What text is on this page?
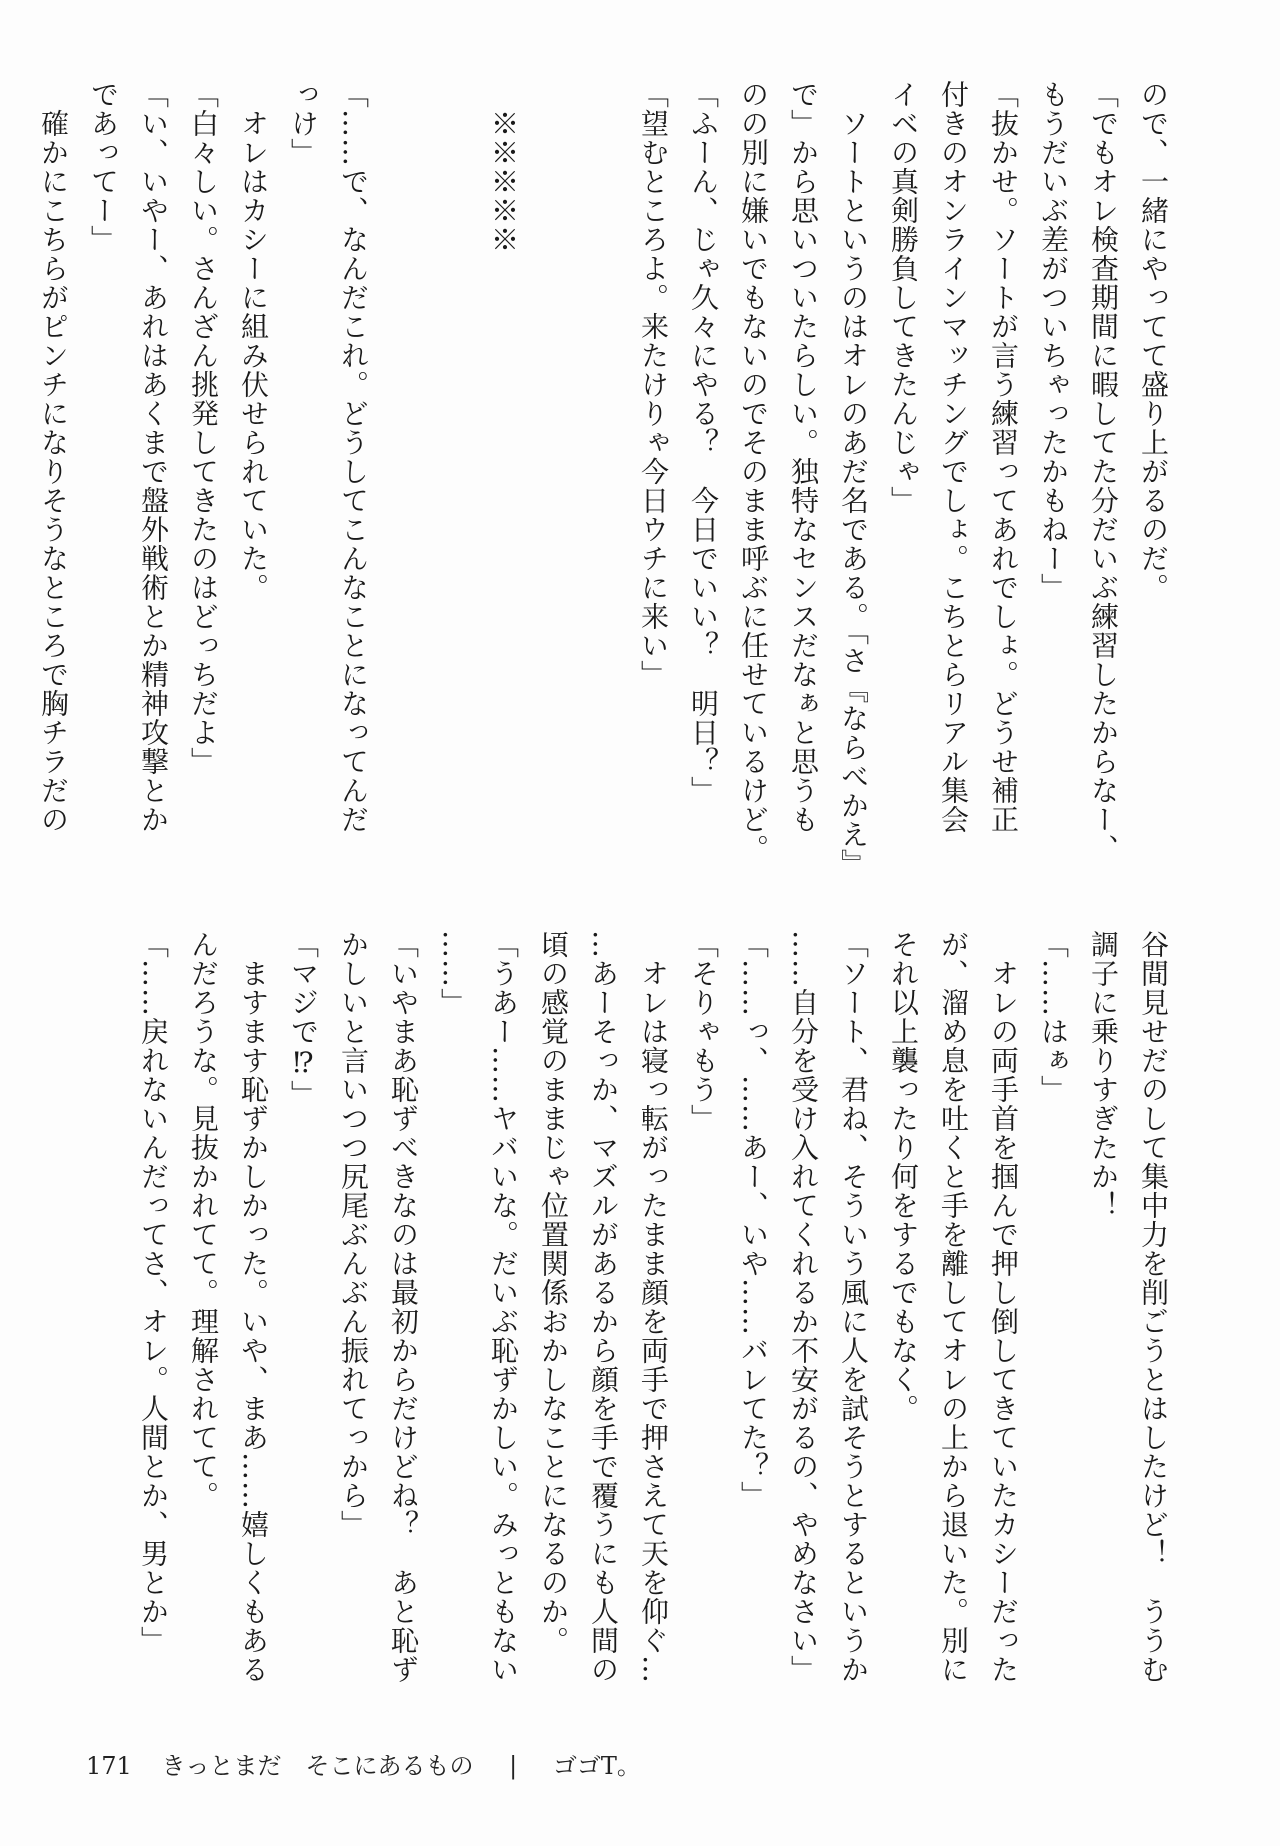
ので、一緒にやってて盛り上がるのだ。
「でもオレ検査期間に暇してた分だいぶ練習したからなー、
もうだいぶ差がついちゃったかもねー」
「抜かせ。ソートが言う練習ってあれでしょ。どうせ補正
付きのオンラインマッチングでしょ。こちとらリアル集会
イベの真剣勝負してきたんじゃ」
　ソートというのはオレのあだ名である。「さ『ならべかえ』
で」から思いついたらしい。独特なセンスだなぁと思うも
のの別に嫌いでもないのでそのまま呼ぶに任せているけど。
「ふーん、じゃ久々にやる？　今日でいい？　明日？」
「望むところよ。来たけりゃ今日ウチに来い」

　※※※※※

「……で、なんだこれ。どうしてこんなことになってんだ
っけ」
　オレはカシーに組み伏せられていた。
「白々しい。さんざん挑発してきたのはどっちだよ」
「い、いやー、あれはあくまで盤外戦術とか精神攻撃とか
であってー」
　確かにこちらがピンチになりそうなところで胸チラだの
谷間見せだのして集中力を削ごうとはしたけど！　ううむ
調子に乗りすぎたか！
「……はぁ」
　オレの両手首を掴んで押し倒してきていたカシーだった
が、溜め息を吐くと手を離してオレの上から退いた。別に
それ以上襲ったり何をするでもなく。
「ソート、君ね、そういう風に人を試そうとするというか
……自分を受け入れてくれるか不安がるの、やめなさい」
「……っ、……あー、いや……バレてた？」
「そりゃもう」
　オレは寝っ転がったまま顔を両手で押さえて天を仰ぐ…
…あーそっか、マズルがあるから顔を手で覆うにも人間の
頃の感覚のままじゃ位置関係おかしなことになるのか。
「うあー……ヤバいな。だいぶ恥ずかしい。みっともない
……」
「いやまあ恥ずべきなのは最初からだけどね？　あと恥ず
かしいと言いつつ尻尾ぶんぶん振れてっから」
「マジで⁉」
　ますます恥ずかしかった。いや、まあ……嬉しくもある
んだろうな。見抜かれてて。理解されてて。
「……戻れないんだってさ、オレ。人間とか、男とか」
171 きっとまだ　そこにあるもの | ゴゴT。
